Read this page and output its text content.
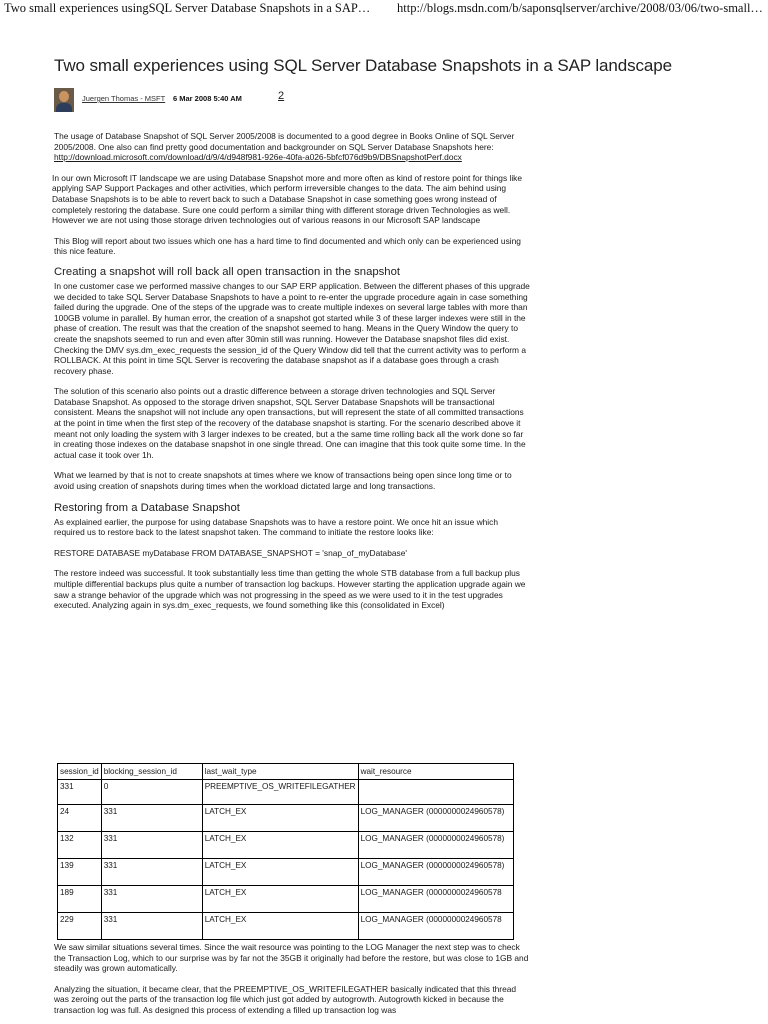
Two small experiences usingSQL Server Database Snapshots in a SAP… http://blogs.msdn.com/b/saponsqlserver/archive/2008/03/06/two-small…
Two small experiences using SQL Server Database Snapshots in a SAP landscape
Juergen Thomas - MSFT 6 Mar 2008 5:40 AM	2

The usage of Database Snapshot of SQL Server 2005/2008 is documented to a good degree in Books Online of SQL Server 2005/2008. One also can find pretty good documentation and backgrounder on SQL Server Database Snapshots here: http://download.microsoft.com/download/d/9/4/d948f981-926e-40fa-a026-5bfcf076d9b9/DBSnapshotPerf.docx

In our own Microsoft IT landscape we are using Database Snapshot more and more often as kind of restore point for things like applying SAP Support Packages and other activities, which perform irreversible changes to the data. The aim behind using Database Snapshots is to be able to revert back to such a Database Snapshot in case something goes wrong instead of completely restoring the database. Sure one could perform a similar thing with different storage driven Technologies as well. However we are not using those storage driven technologies out of various reasons in our Microsoft SAP landscape

This Blog will report about two issues which one has a hard time to find documented and which only can be experienced using this nice feature.

Creating a snapshot will roll back all open transaction in the snapshot

In one customer case we performed massive changes to our SAP ERP application. Between the different phases of this upgrade we decided to take SQL Server Database Snapshots to have a point to re-enter the upgrade procedure again in case something failed during the upgrade. One of the steps of the upgrade was to create multiple indexes on several large tables with more than 100GB volume in parallel. By human error, the creation of a snapshot got started while 3 of these larger indexes were still in the phase of creation. The result was that the creation of the snapshot seemed to hang. Means in the Query Window the query to create the snapshots seemed to run and even after 30min still was running. However the Database snapshot files did exist. Checking the DMV sys.dm_exec_requests the session_id of the Query Window did tell that the current activity was to perform a ROLLBACK. At this point in time SQL Server is recovering the database snapshot as if a database goes through a crash recovery phase.

The solution of this scenario also points out a drastic difference between a storage driven technologies and SQL Server Database Snapshot. As opposed to the storage driven snapshot, SQL Server Database Snapshots will be transactional consistent. Means the snapshot will not include any open transactions, but will represent the state of all committed transactions at the point in time when the first step of the recovery of the database snapshot is starting. For the scenario described above it meant not only loading the system with 3 larger indexes to be created, but a the same time rolling back all the work done so far in creating those indexes on the database snapshot in one single thread. One can imagine that this took quite some time. In the actual case it took over 1h.

What we learned by that is not to create snapshots at times where we know of transactions being open since long time or to avoid using creation of snapshots during times when the workload dictated large and long transactions.

Restoring from a Database Snapshot

As explained earlier, the purpose for using database Snapshots was to have a restore point. We once hit an issue which required us to restore back to the latest snapshot taken. The command to initiate the restore looks like:

RESTORE DATABASE myDatabase FROM DATABASE_SNAPSHOT = 'snap_of_myDatabase'

The restore indeed was successful. It took substantially less time than getting the whole STB database from a full backup plus multiple differential backups plus quite a number of transaction log backups. However starting the application upgrade again we saw a strange behavior of the upgrade which was not progressing in the speed as we were used to it in the test upgrades executed. Analyzing again in sys.dm_exec_requests, we found something like this (consolidated in Excel)

session_id	blocking_session_id	last_wait_type	wait_resource
331	0	PREEMPTIVE_OS_WRITEFILEGATHER	
24	331	LATCH_EX	LOG_MANAGER (0000000024960578)
132	331	LATCH_EX	LOG_MANAGER (0000000024960578)
139	331	LATCH_EX	LOG_MANAGER (0000000024960578)
189	331	LATCH_EX	LOG_MANAGER (0000000024960578
229	331	LATCH_EX	LOG_MANAGER (0000000024960578

We saw similar situations several times. Since the wait resource was pointing to the LOG Manager the next step was to check the Transaction Log, which to our surprise was by far not the 35GB it originally had before the restore, but was close to 1GB and steadily was grown automatically.

Analyzing the situation, it became clear, that the PREEMPTIVE_OS_WRITEFILEGATHER basically indicated that this thread was zeroing out the parts of the transaction log file which just got added by autogrowth. Autogrowth kicked in because the transaction log was full. As designed this process of extending a filled up transaction log was
